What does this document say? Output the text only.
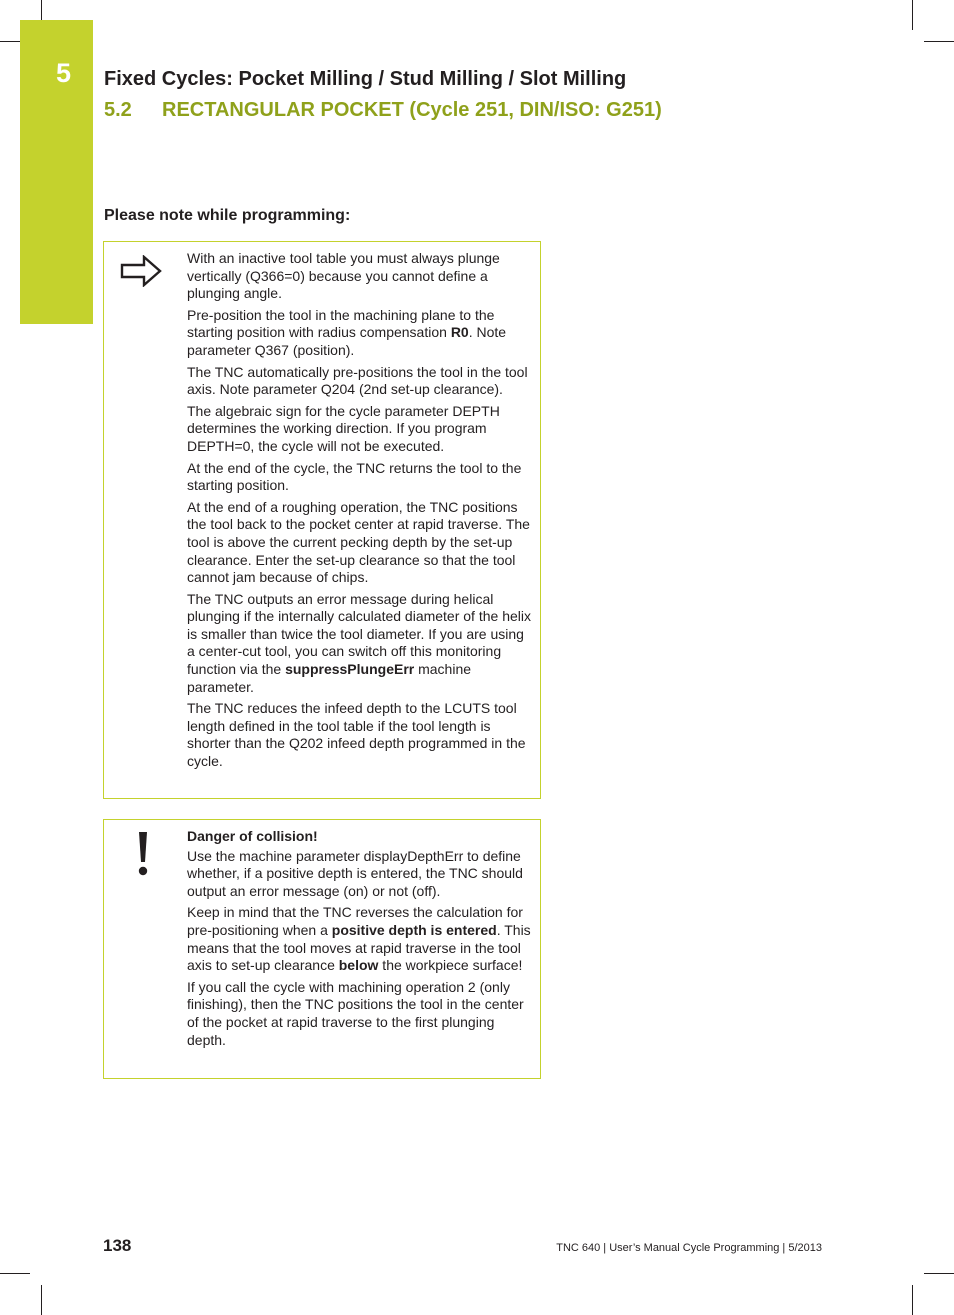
5 Fixed Cycles: Pocket Milling / Stud Milling / Slot Milling
5.2 RECTANGULAR POCKET (Cycle 251, DIN/ISO: G251)
Please note while programming:

With an inactive tool table you must always plunge vertically (Q366=0) because you cannot define a plunging angle.

Pre-position the tool in the machining plane to the starting position with radius compensation R0. Note parameter Q367 (position).

The TNC automatically pre-positions the tool in the tool axis. Note parameter Q204 (2nd set-up clearance).

The algebraic sign for the cycle parameter DEPTH determines the working direction. If you program DEPTH=0, the cycle will not be executed.

At the end of the cycle, the TNC returns the tool to the starting position.

At the end of a roughing operation, the TNC positions the tool back to the pocket center at rapid traverse. The tool is above the current pecking depth by the set-up clearance. Enter the set-up clearance so that the tool cannot jam because of chips.

The TNC outputs an error message during helical plunging if the internally calculated diameter of the helix is smaller than twice the tool diameter. If you are using a center-cut tool, you can switch off this monitoring function via the suppressPlungeErr machine parameter.

The TNC reduces the infeed depth to the LCUTS tool length defined in the tool table if the tool length is shorter than the Q202 infeed depth programmed in the cycle.

Danger of collision!

Use the machine parameter displayDepthErr to define whether, if a positive depth is entered, the TNC should output an error message (on) or not (off).

Keep in mind that the TNC reverses the calculation for pre-positioning when a positive depth is entered. This means that the tool moves at rapid traverse in the tool axis to set-up clearance below the workpiece surface!

If you call the cycle with machining operation 2 (only finishing), then the TNC positions the tool in the center of the pocket at rapid traverse to the first plunging depth.

138	TNC 640 | User’s Manual Cycle Programming | 5/2013
